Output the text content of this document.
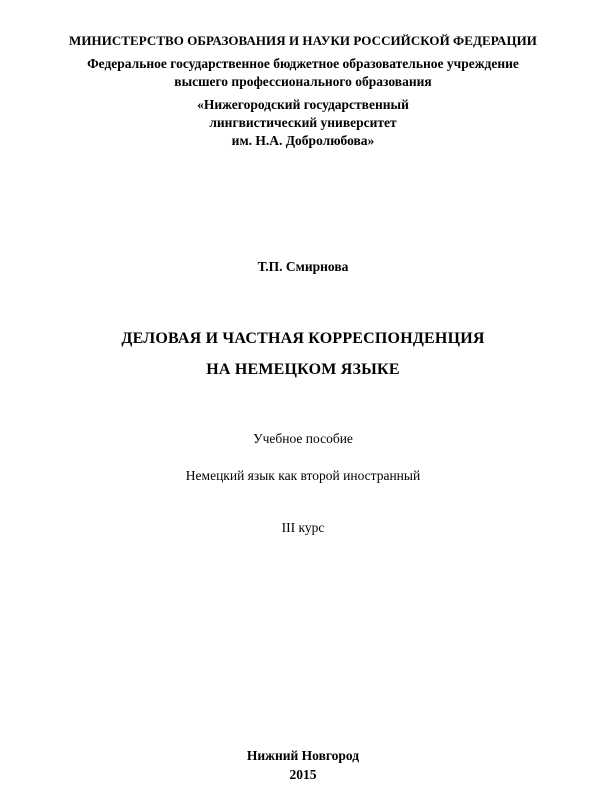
МИНИСТЕРСТВО ОБРАЗОВАНИЯ И НАУКИ РОССИЙСКОЙ ФЕДЕРАЦИИ
Федеральное государственное бюджетное образовательное учреждение
высшего профессионального образования
«Нижегородский государственный
лингвистический университет
им. Н.А. Добролюбова»
Т.П. Смирнова
ДЕЛОВАЯ И ЧАСТНАЯ КОРРЕСПОНДЕНЦИЯ
НА НЕМЕЦКОМ ЯЗЫКЕ
Учебное пособие
Немецкий язык как второй иностранный
III курс
Нижний Новгород
2015
